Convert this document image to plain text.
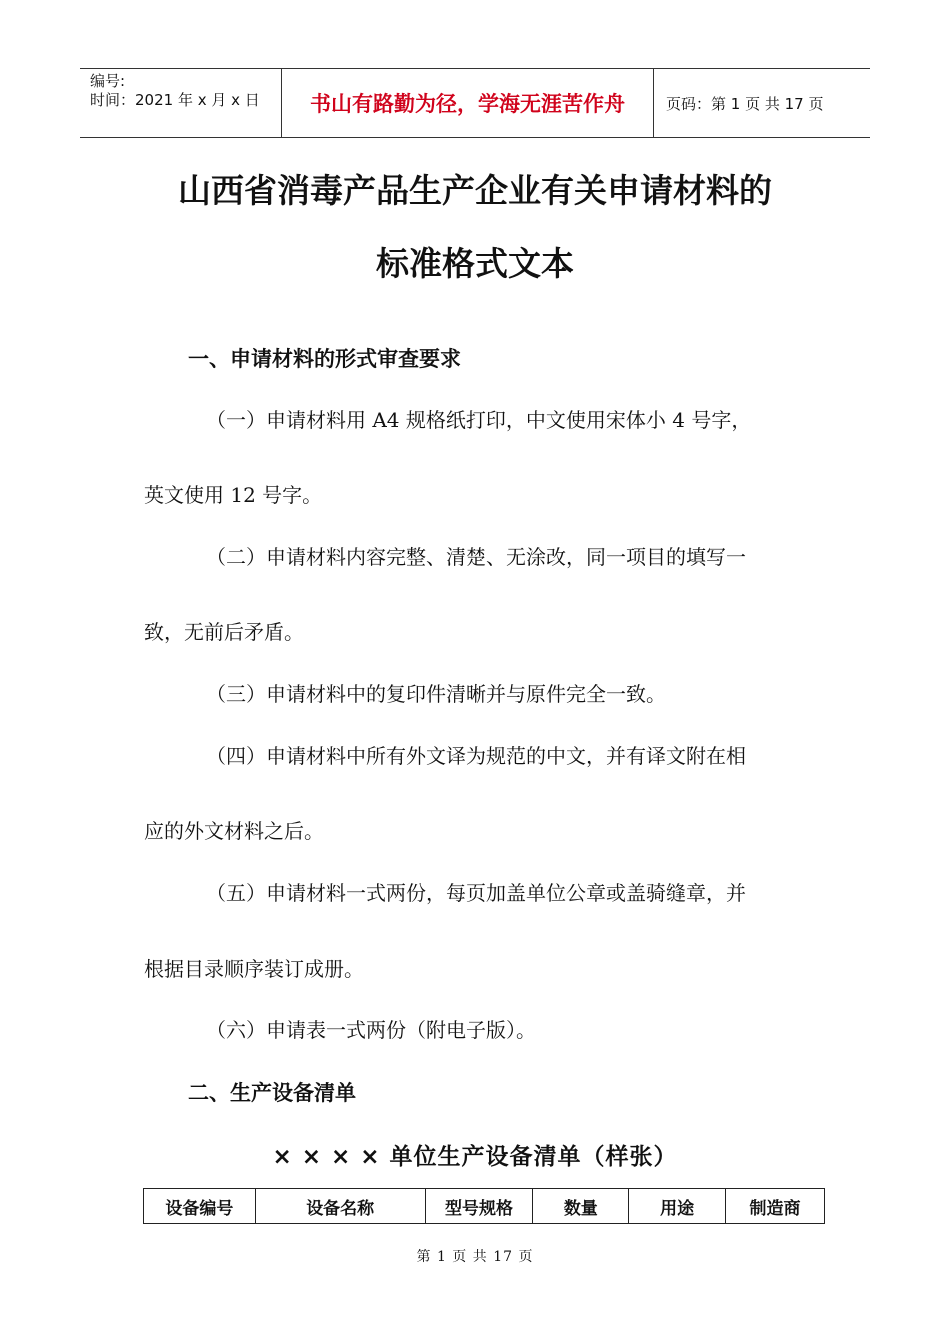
编号:
时间：2021 年 x 月 x 日	书山有路勤为径，学海无涯苦作舟	页码：第 1 页 共 17 页
山西省消毒产品生产企业有关申请材料的
标准格式文本
一、申请材料的形式审查要求
（一）申请材料用 A4 规格纸打印，中文使用宋体小 4 号字，
英文使用 12 号字。
（二）申请材料内容完整、清楚、无涂改，同一项目的填写一
致，无前后矛盾。
（三）申请材料中的复印件清晰并与原件完全一致。
（四）申请材料中所有外文译为规范的中文，并有译文附在相
应的外文材料之后。
（五）申请材料一式两份，每页加盖单位公章或盖骑缝章，并
根据目录顺序装订成册。
（六）申请表一式两份（附电子版）。
二、生产设备清单
× × × × 单位生产设备清单（样张）
设备编号	设备名称	型号规格	数量	用途	制造商
第 1 页 共 17 页
